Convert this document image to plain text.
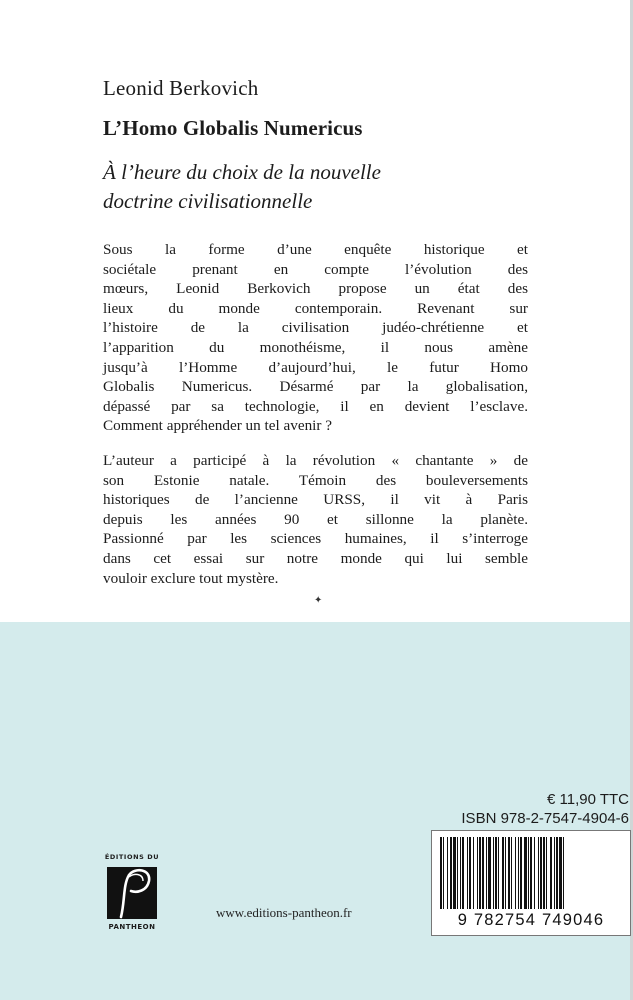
Leonid Berkovich
L’Homo Globalis Numericus

À l’heure du choix de la nouvelle
doctrine civilisationnelle

Sous la forme d’une enquête historique et
sociétale prenant en compte l’évolution des
mœurs, Leonid Berkovich propose un état des
lieux du monde contemporain. Revenant sur
l’histoire de la civilisation judéo-chrétienne et
l’apparition du monothéisme, il nous amène
jusqu’à l’Homme d’aujourd’hui, le futur Homo
Globalis Numericus. Désarmé par la globalisation,
dépassé par sa technologie, il en devient l’esclave.
Comment appréhender un tel avenir ?

L’auteur a participé à la révolution « chantante » de
son Estonie natale. Témoin des bouleversements
historiques de l’ancienne URSS, il vit à Paris
depuis les années 90 et sillonne la planète.
Passionné par les sciences humaines, il s’interroge
dans cet essai sur notre monde qui lui semble
vouloir exclure tout mystère.

✦
€ 11,90 TTC
ISBN 978-2-7547-4904-6
9 782754 749046
ÉDITIONS DU
PANTHEON
www.editions-pantheon.fr
